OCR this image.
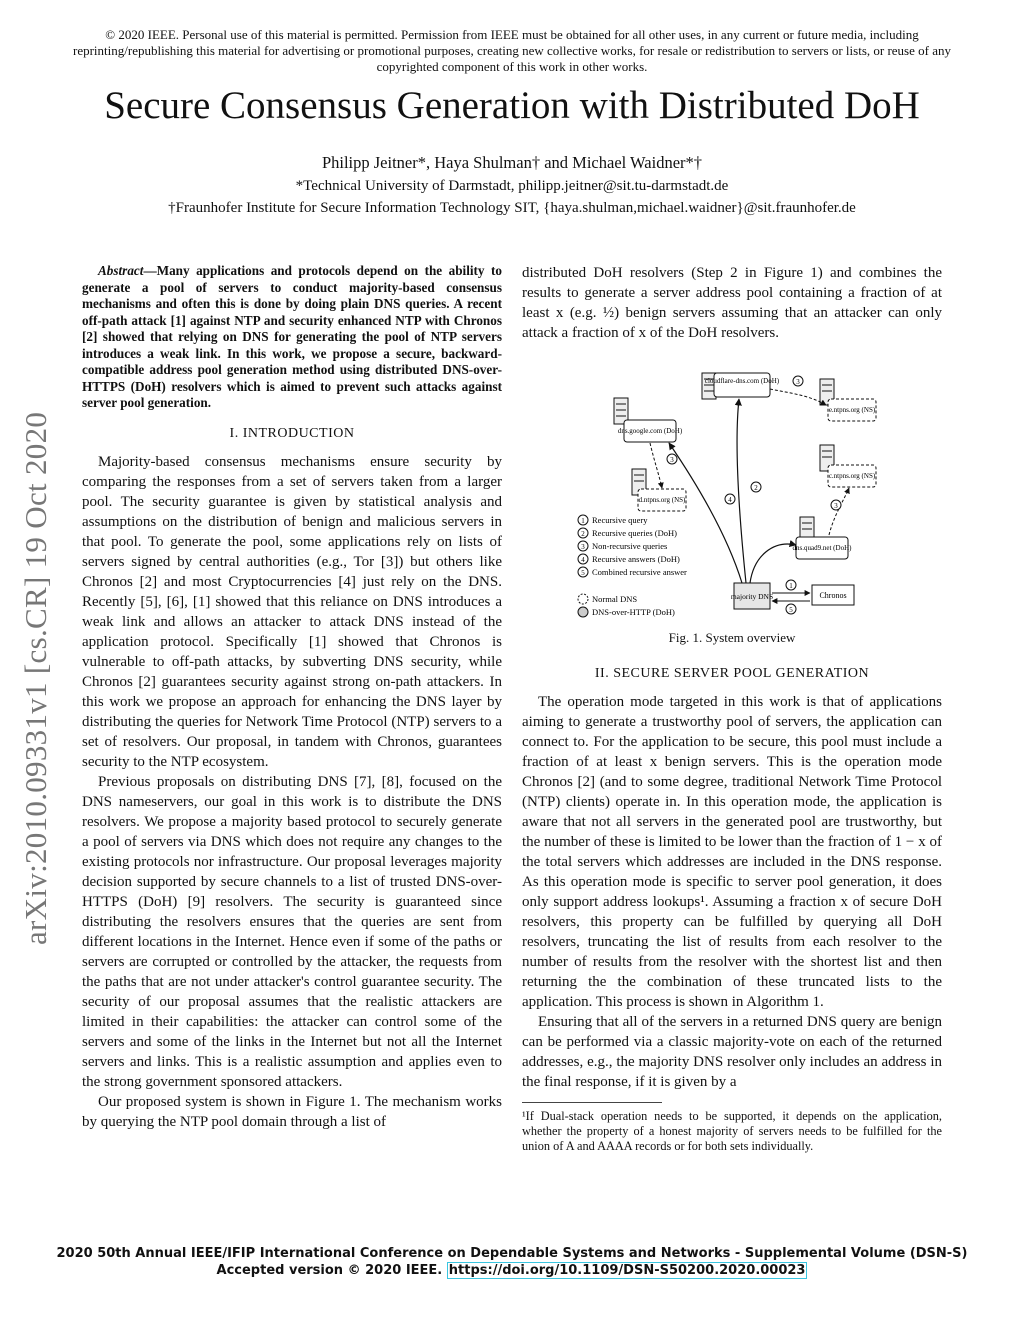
© 2020 IEEE. Personal use of this material is permitted. Permission from IEEE must be obtained for all other uses, in any current or future media, including reprinting/republishing this material for advertising or promotional purposes, creating new collective works, for resale or redistribution to servers or lists, or reuse of any copyrighted component of this work in other works.
Secure Consensus Generation with Distributed DoH
Philipp Jeitner*, Haya Shulman† and Michael Waidner*†
*Technical University of Darmstadt, philipp.jeitner@sit.tu-darmstadt.de
†Fraunhofer Institute for Secure Information Technology SIT, {haya.shulman,michael.waidner}@sit.fraunhofer.de
arXiv:2010.09331v1 [cs.CR] 19 Oct 2020
Abstract—Many applications and protocols depend on the ability to generate a pool of servers to conduct majority-based consensus mechanisms and often this is done by doing plain DNS queries. A recent off-path attack [1] against NTP and security enhanced NTP with Chronos [2] showed that relying on DNS for generating the pool of NTP servers introduces a weak link. In this work, we propose a secure, backward-compatible address pool generation method using distributed DNS-over-HTTPS (DoH) resolvers which is aimed to prevent such attacks against server pool generation.
I. INTRODUCTION

Majority-based consensus mechanisms ensure security by comparing the responses from a set of servers taken from a larger pool. The security guarantee is given by statistical analysis and assumptions on the distribution of benign and malicious servers in that pool. To generate the pool, some applications rely on lists of servers signed by central authorities (e.g., Tor [3]) but others like Chronos [2] and most Cryptocurrencies [4] just rely on the DNS. Recently [5], [6], [1] showed that this reliance on DNS introduces a weak link and allows an attacker to attack DNS instead of the application protocol. Specifically [1] showed that Chronos is vulnerable to off-path attacks, by subverting DNS security, while Chronos [2] guarantees security against strong on-path attackers. In this work we propose an approach for enhancing the DNS layer by distributing the queries for Network Time Protocol (NTP) servers to a set of resolvers. Our proposal, in tandem with Chronos, guarantees security to the NTP ecosystem.

Previous proposals on distributing DNS [7], [8], focused on the DNS nameservers, our goal in this work is to distribute the DNS resolvers. We propose a majority based protocol to securely generate a pool of servers via DNS which does not require any changes to the existing protocols nor infrastructure. Our proposal leverages majority decision supported by secure channels to a list of trusted DNS-over-HTTPS (DoH) [9] resolvers. The security is guaranteed since distributing the resolvers ensures that the queries are sent from different locations in the Internet. Hence even if some of the paths or servers are corrupted or controlled by the attacker, the requests from the paths that are not under attacker's control guarantee security. The security of our proposal assumes that the realistic attackers are limited in their capabilities: the attacker can control some of the servers and some of the links in the Internet but not all the Internet servers and links. This is a realistic assumption and applies even to the strong government sponsored attackers.

Our proposed system is shown in Figure 1. The mechanism works by querying the NTP pool domain through a list of

distributed DoH resolvers (Step 2 in Figure 1) and combines the results to generate a server address pool containing a fraction of at least x (e.g. ½) benign servers assuming that an attacker can only attack a fraction of x of the DoH resolvers.

cloudflare-dns.com (DoH)
dns.google.com (DoH)
e.ntpns.org (NS)
c.ntpns.org (NS)
d.ntpns.org (NS)
dns.quad9.net (DoH)
majority DNS	Chronos
3
3
3
4
2
1
5
1 Recursive query
2 Recursive queries (DoH)
3 Non-recursive queries
4 Recursive answers (DoH)
5 Combined recursive answer
Normal DNS
DNS-over-HTTP (DoH)
Fig. 1. System overview
II. SECURE SERVER POOL GENERATION

The operation mode targeted in this work is that of applications aiming to generate a trustworthy pool of servers, the application can connect to. For the application to be secure, this pool must include a fraction of at least x benign servers. This is the operation mode Chronos [2] (and to some degree, traditional Network Time Protocol (NTP) clients) operate in. In this operation mode, the application is aware that not all servers in the generated pool are trustworthy, but the number of these is limited to be lower than the fraction of 1 − x of the total servers which addresses are included in the DNS response. As this operation mode is specific to server pool generation, it does only support address lookups¹. Assuming a fraction x of secure DoH resolvers, this property can be fulfilled by querying all DoH resolvers, truncating the list of results from each resolver to the number of results from the resolver with the shortest list and then returning the the combination of these truncated lists to the application. This process is shown in Algorithm 1.

Ensuring that all of the servers in a returned DNS query are benign can be performed via a classic majority-vote on each of the returned addresses, e.g., the majority DNS resolver only includes an address in the final response, if it is given by a

¹If Dual-stack operation needs to be supported, it depends on the application, whether the property of a honest majority of servers needs to be fulfilled for the union of A and AAAA records or for both sets individually.
2020 50th Annual IEEE/IFIP International Conference on Dependable Systems and Networks - Supplemental Volume (DSN-S)
Accepted version © 2020 IEEE. https://doi.org/10.1109/DSN-S50200.2020.00023
